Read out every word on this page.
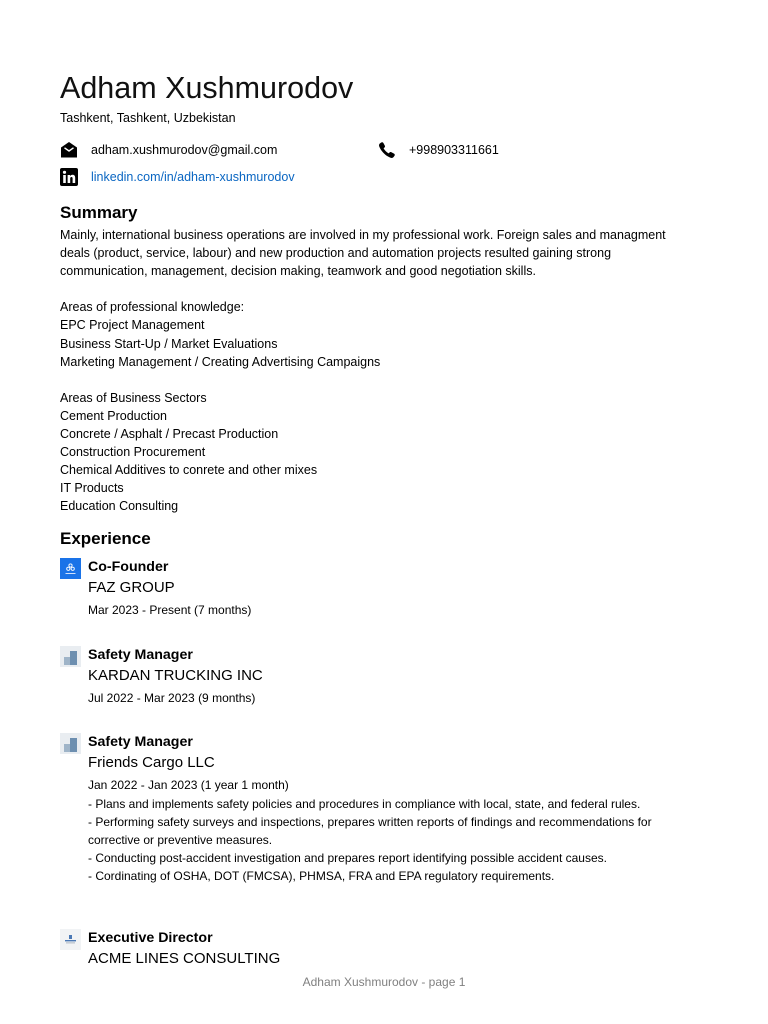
Adham Xushmurodov
Tashkent, Tashkent, Uzbekistan
adham.xushmurodov@gmail.com	+998903311661
linkedin.com/in/adham-xushmurodov
Summary
Mainly, international business operations are involved in my professional work. Foreign sales and managment deals (product, service, labour) and new production and automation projects resulted gaining strong communication, management, decision making, teamwork and good negotiation skills.
Areas of professional knowledge:
EPC Project Management
Business Start-Up / Market Evaluations
Marketing Management / Creating Advertising Campaigns
Areas of Business Sectors
Cement Production
Concrete / Asphalt / Precast Production
Construction Procurement
Chemical Additives to conrete and other mixes
IT Products
Education Consulting
Experience
Co-Founder
FAZ GROUP
Mar 2023 - Present (7 months)
Safety Manager
KARDAN TRUCKING INC
Jul 2022 - Mar 2023 (9 months)
Safety Manager
Friends Cargo LLC
Jan 2022 - Jan 2023 (1 year 1 month)
- Plans and implements safety policies and procedures in compliance with local, state, and federal rules.
- Performing safety surveys and inspections, prepares written reports of findings and recommendations for corrective or preventive measures.
- Conducting post-accident investigation and prepares report identifying possible accident causes.
- Cordinating of OSHA, DOT (FMCSA), PHMSA, FRA and EPA regulatory requirements.
Executive Director
ACME LINES CONSULTING
Adham Xushmurodov - page 1
